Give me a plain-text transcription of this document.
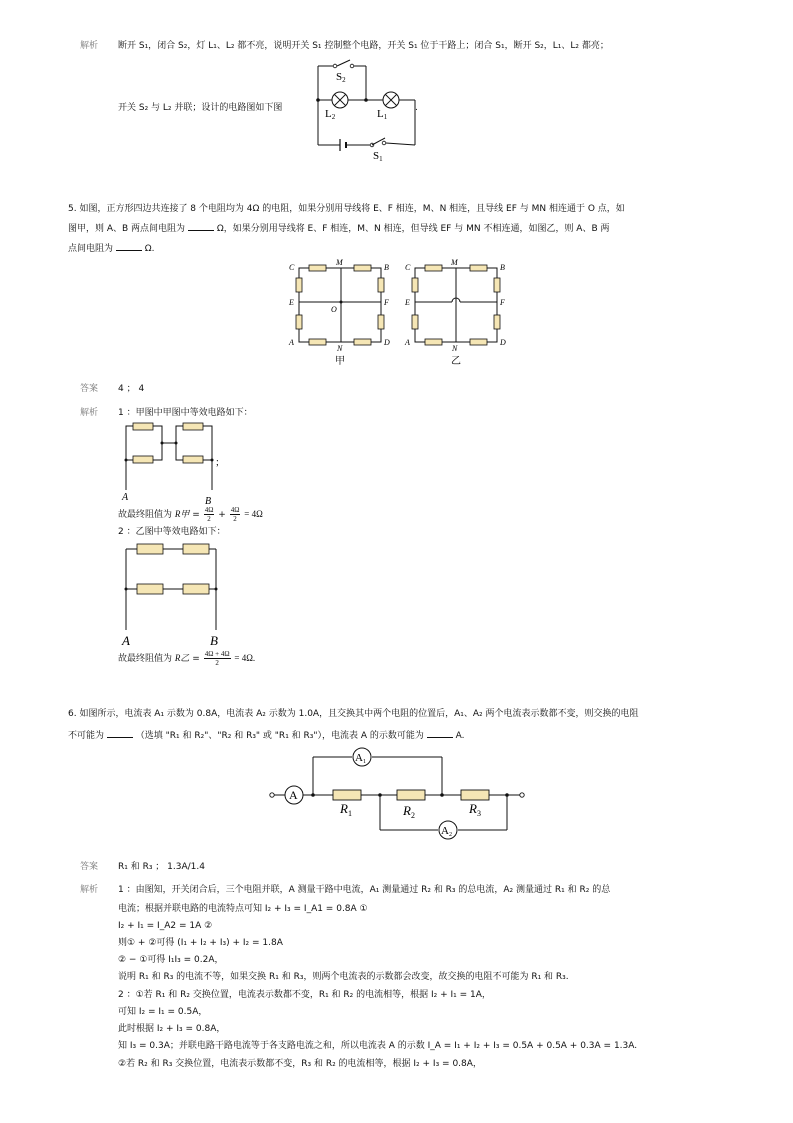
解析 断开 S₁，闭合 S₂，灯 L₁、L₂ 都不亮，说明开关 S₁ 控制整个电路，开关 S₁ 位于干路上；闭合 S₁，断开 S₂，L₁、L₂ 都亮；
开关 S₂ 与 L₂ 并联；设计的电路图如下图	.
S2
L2	L1
S1
5. 如图，正方形四边共连接了 8 个电阻均为 4Ω 的电阻，如果分别用导线将 E、F 相连，M、N 相连，且导线 EF 与 MN 相连通于 O 点，如
图甲，则 A、B 两点间电阻为	Ω，如果分别用导线将 E、F 相连，M、N 相连，但导线 EF 与 MN 不相连通，如图乙，则 A、B 两
点间电阻为	Ω.
C
M
B
E	F
O
A
N
D
甲
C
M
B
E	F
A
N
D
乙
答案 4 ； 4
解析 1 ：甲图中甲图中等效电路如下：
A	B
;
故最终阻值为 R甲 = $\frac{4\Omega}{2} + \frac{4\Omega}{2} = 4\Omega$
2 ：乙图中等效电路如下：
A	B
故最终阻值为 R乙 = $\frac{4\Omega + 4\Omega}{2} = 4\Omega$.
6. 如图所示，电流表 A₁ 示数为 0.8A，电流表 A₂ 示数为 1.0A，且交换其中两个电阻的位置后，A₁、A₂ 两个电流表示数都不变，则交换的电阻
不可能为	（选填 "R₁ 和 R₂"、"R₂ 和 R₃" 或 "R₁ 和 R₃"），电流表 A 的示数可能为	A.
A
A1
A2
$R_1$	$R_2$	$R_3$
答案 R₁ 和 R₃ ； 1.3A/1.4
解析 1 ：由图知，开关闭合后，三个电阻并联，A 测量干路中电流，A₁ 测量通过 R₂ 和 R₃ 的总电流，A₂ 测量通过 R₁ 和 R₂ 的总
电流；根据并联电路的电流特点可知 I₂ + I₃ = I_A1 = 0.8A ①
I₂ + I₁ = I_A2 = 1A ②
则① + ②可得 (I₁ + I₂ + I₃) + I₂ = 1.8A
② − ①可得 I₁I₃ = 0.2A，
说明 R₁ 和 R₃ 的电流不等，如果交换 R₁ 和 R₃，则两个电流表的示数都会改变，故交换的电阻不可能为 R₁ 和 R₃.
2 ：①若 R₁ 和 R₂ 交换位置，电流表示数都不变，R₁ 和 R₂ 的电流相等，根据 I₂ + I₁ = 1A，
可知 I₂ = I₁ = 0.5A，
此时根据 I₂ + I₃ = 0.8A，
知 I₃ = 0.3A；并联电路干路电流等于各支路电流之和，所以电流表 A 的示数 I_A = I₁ + I₂ + I₃ = 0.5A + 0.5A + 0.3A = 1.3A.
②若 R₂ 和 R₃ 交换位置，电流表示数都不变，R₃ 和 R₂ 的电流相等，根据 I₂ + I₃ = 0.8A，
